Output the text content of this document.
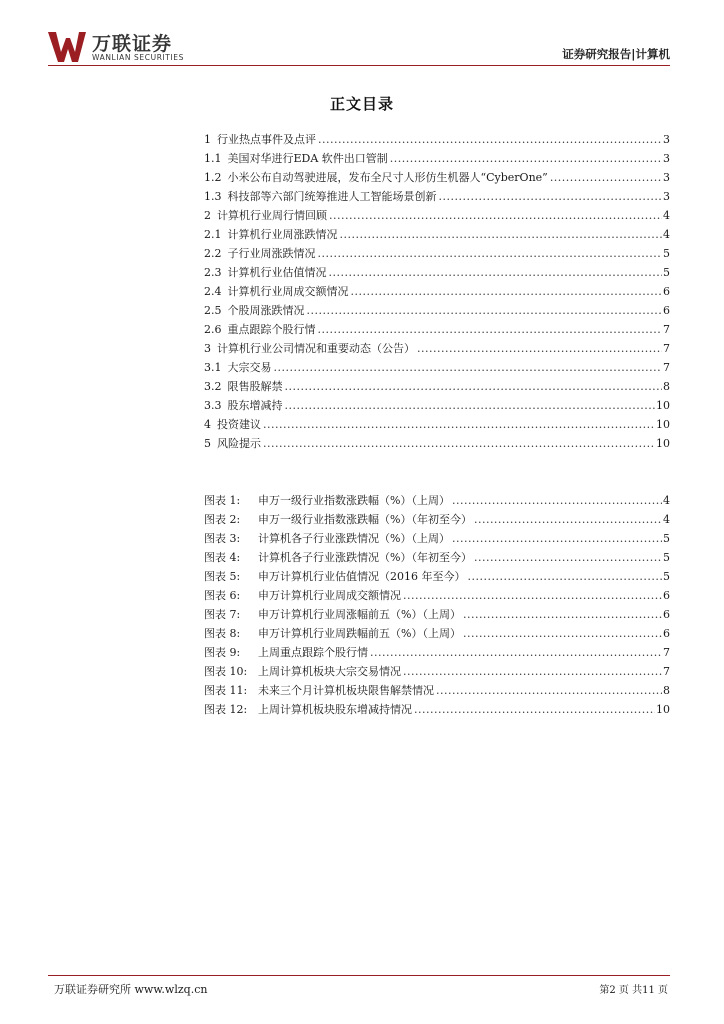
万联证券
WANLIAN SECURITIES	证券研究报告|计算机
正文目录
1 行业热点事件及点评 .....	3
1.1 美国对华进行EDA 软件出口管制 .....	3
1.2 小米公布自动驾驶进展，发布全尺寸人形仿生机器人“CyberOne” .....	3
1.3 科技部等六部门统筹推进人工智能场景创新 .....	3
2 计算机行业周行情回顾 .....	4
2.1 计算机行业周涨跌情况 .....	4
2.2 子行业周涨跌情况 .....	5
2.3 计算机行业估值情况 .....	5
2.4 计算机行业周成交额情况 .....	6
2.5 个股周涨跌情况 .....	6
2.6 重点跟踪个股行情 .....	7
3 计算机行业公司情况和重要动态（公告） .....	7
3.1 大宗交易 .....	7
3.2 限售股解禁 .....	8
3.3 股东增减持 .....	10
4 投资建议 .....	10
5 风险提示 .....	10
图表 1:	申万一级行业指数涨跌幅（%）（上周） .....	4
图表 2:	申万一级行业指数涨跌幅（%）（年初至今） .....	4
图表 3:	计算机各子行业涨跌情况（%）（上周） .....	5
图表 4:	计算机各子行业涨跌情况（%）（年初至今） .....	5
图表 5:	申万计算机行业估值情况（2016 年至今） .....	5
图表 6:	申万计算机行业周成交额情况 .....	6
图表 7:	申万计算机行业周涨幅前五（%）（上周） .....	6
图表 8:	申万计算机行业周跌幅前五（%）（上周） .....	6
图表 9:	上周重点跟踪个股行情 .....	7
图表 10: 上周计算机板块大宗交易情况 .....	7
图表 11: 未来三个月计算机板块限售解禁情况 .....	8
图表 12: 上周计算机板块股东增减持情况 .....	10
万联证券研究所 www.wlzq.cn	第2 页 共11 页
